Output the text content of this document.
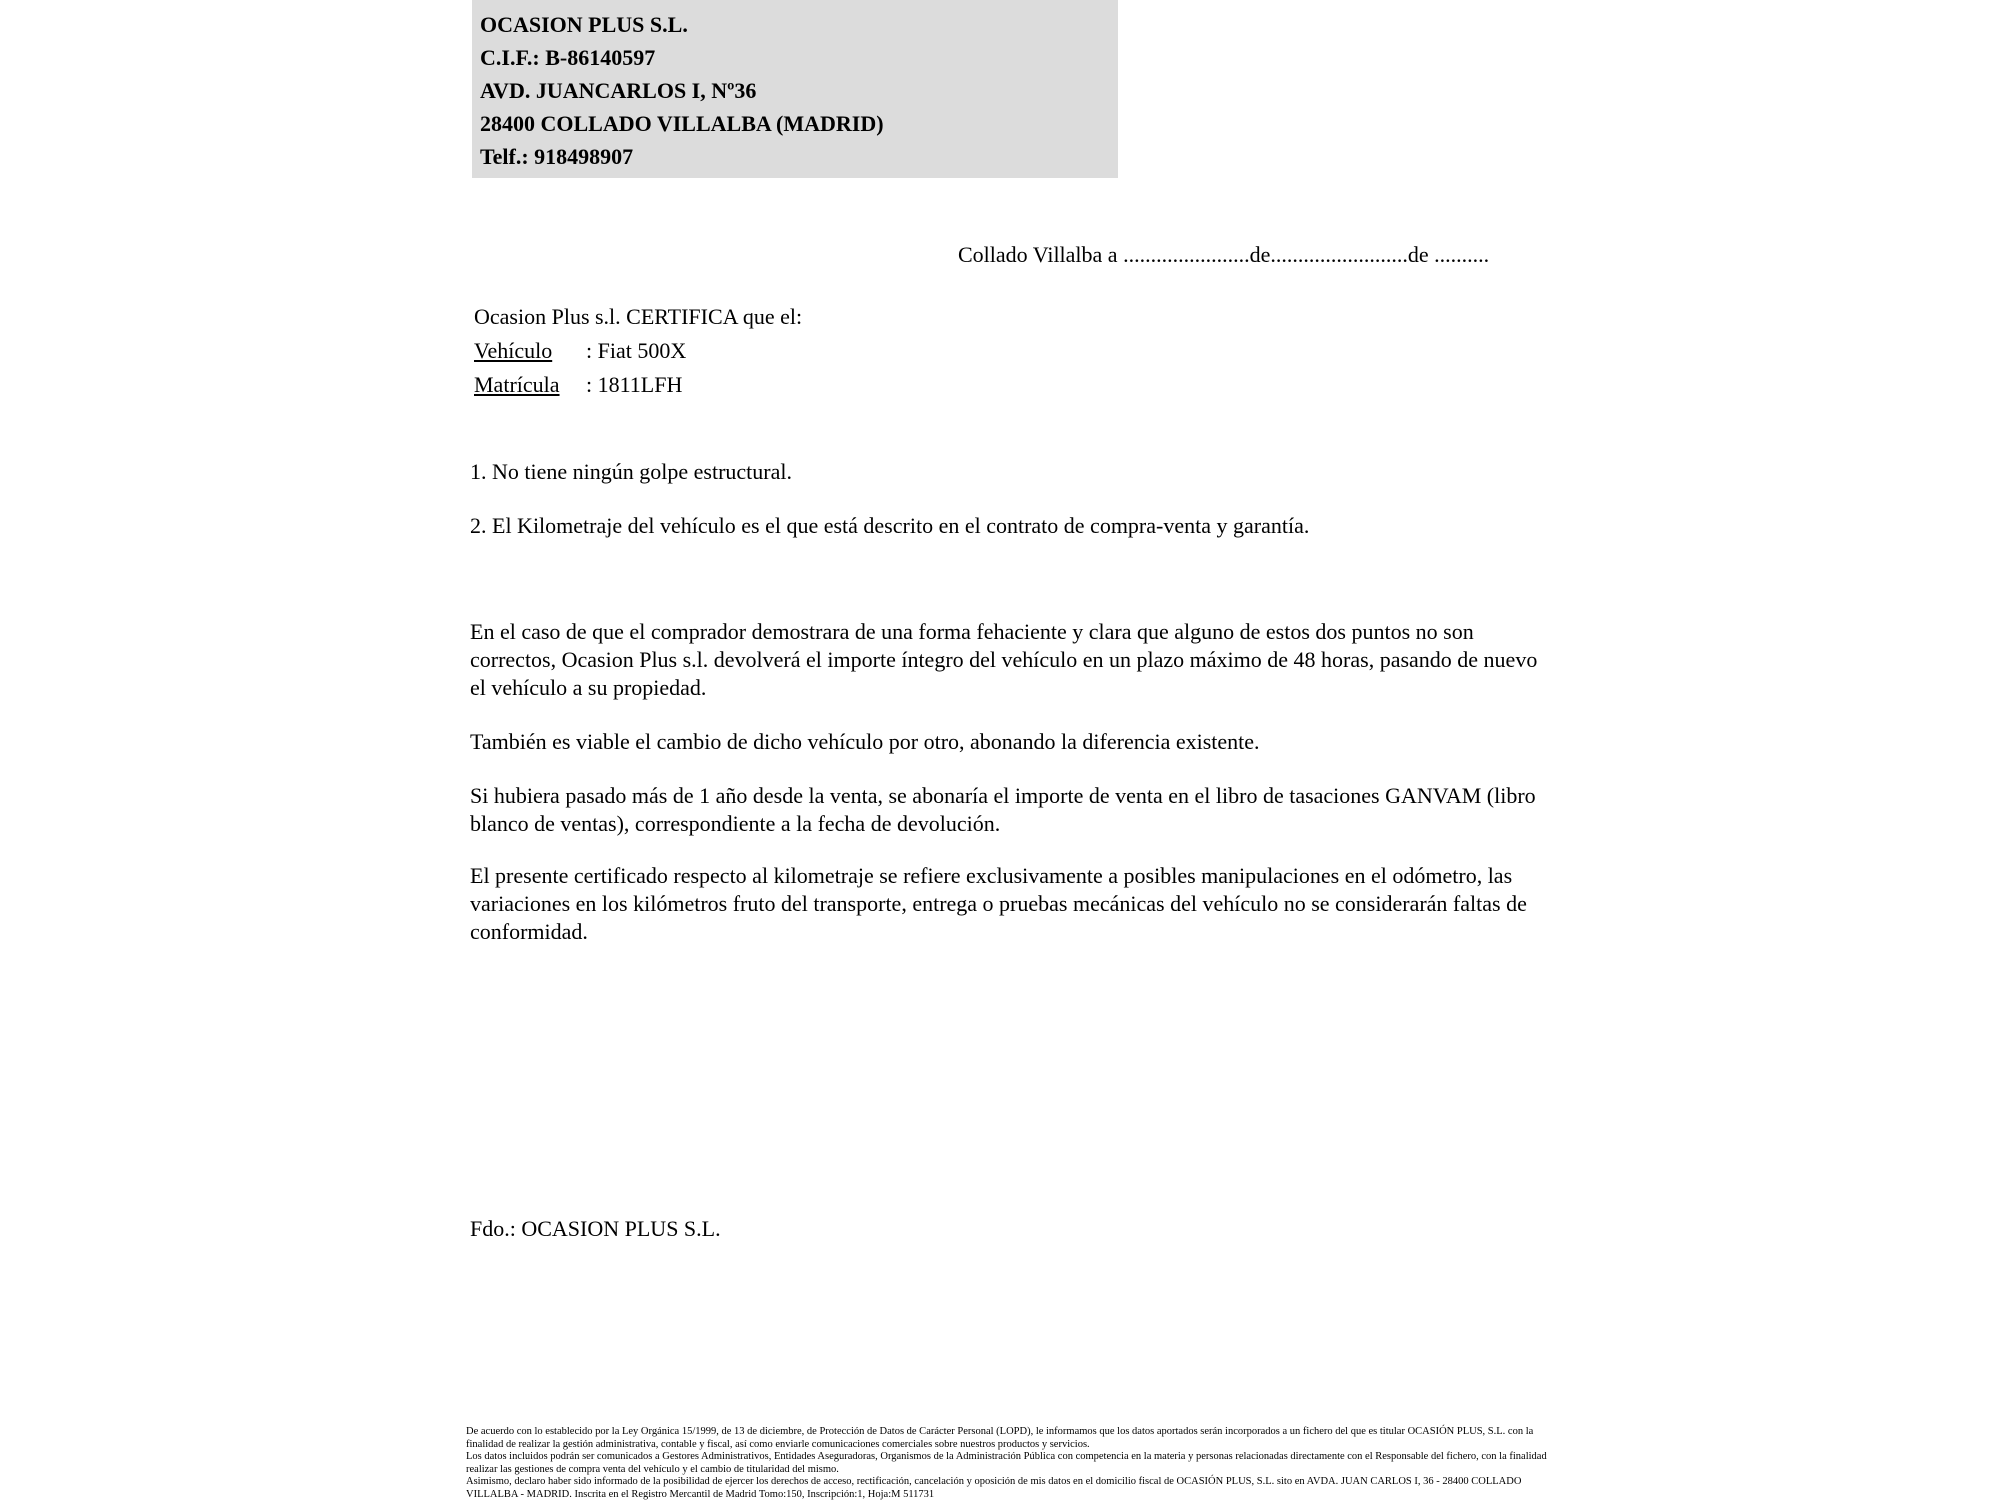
OCASION PLUS S.L.
C.I.F.: B-86140597
AVD. JUANCARLOS I, Nº36
28400 COLLADO VILLALBA (MADRID)
Telf.: 918498907
Collado Villalba a .......................de.........................de ..........
Ocasion Plus s.l. CERTIFICA que el:
Vehículo : Fiat 500X
Matrícula : 1811LFH
1. No tiene ningún golpe estructural.
2. El Kilometraje del vehículo es el que está descrito en el contrato de compra-venta y garantía.
En el caso de que el comprador demostrara de una forma fehaciente y clara que alguno de estos dos puntos no son correctos, Ocasion Plus s.l. devolverá el importe íntegro del vehículo en un plazo máximo de 48 horas, pasando de nuevo el vehículo a su propiedad.
También es viable el cambio de dicho vehículo por otro, abonando la diferencia existente.
Si hubiera pasado más de 1 año desde la venta, se abonaría el importe de venta en el libro de tasaciones GANVAM (libro blanco de ventas), correspondiente a la fecha de devolución.
El presente certificado respecto al kilometraje se refiere exclusivamente a posibles manipulaciones en el odómetro, las variaciones en los kilómetros fruto del transporte, entrega o pruebas mecánicas del vehículo no se considerarán faltas de conformidad.
Fdo.: OCASION PLUS S.L.
De acuerdo con lo establecido por la Ley Orgánica 15/1999, de 13 de diciembre, de Protección de Datos de Carácter Personal (LOPD), le informamos que los datos aportados serán incorporados a un fichero del que es titular OCASIÓN PLUS, S.L. con la finalidad de realizar la gestión administrativa, contable y fiscal, así como enviarle comunicaciones comerciales sobre nuestros productos y servicios.
Los datos incluidos podrán ser comunicados a Gestores Administrativos, Entidades Aseguradoras, Organismos de la Administración Pública con competencia en la materia y personas relacionadas directamente con el Responsable del fichero, con la finalidad realizar las gestiones de compra venta del vehículo y el cambio de titularidad del mismo.
Asimismo, declaro haber sido informado de la posibilidad de ejercer los derechos de acceso, rectificación, cancelación y oposición de mis datos en el domicilio fiscal de OCASIÓN PLUS, S.L. sito en AVDA. JUAN CARLOS I, 36 - 28400 COLLADO VILLALBA - MADRID. Inscrita en el Registro Mercantil de Madrid Tomo:150, Inscripción:1, Hoja:M 511731
